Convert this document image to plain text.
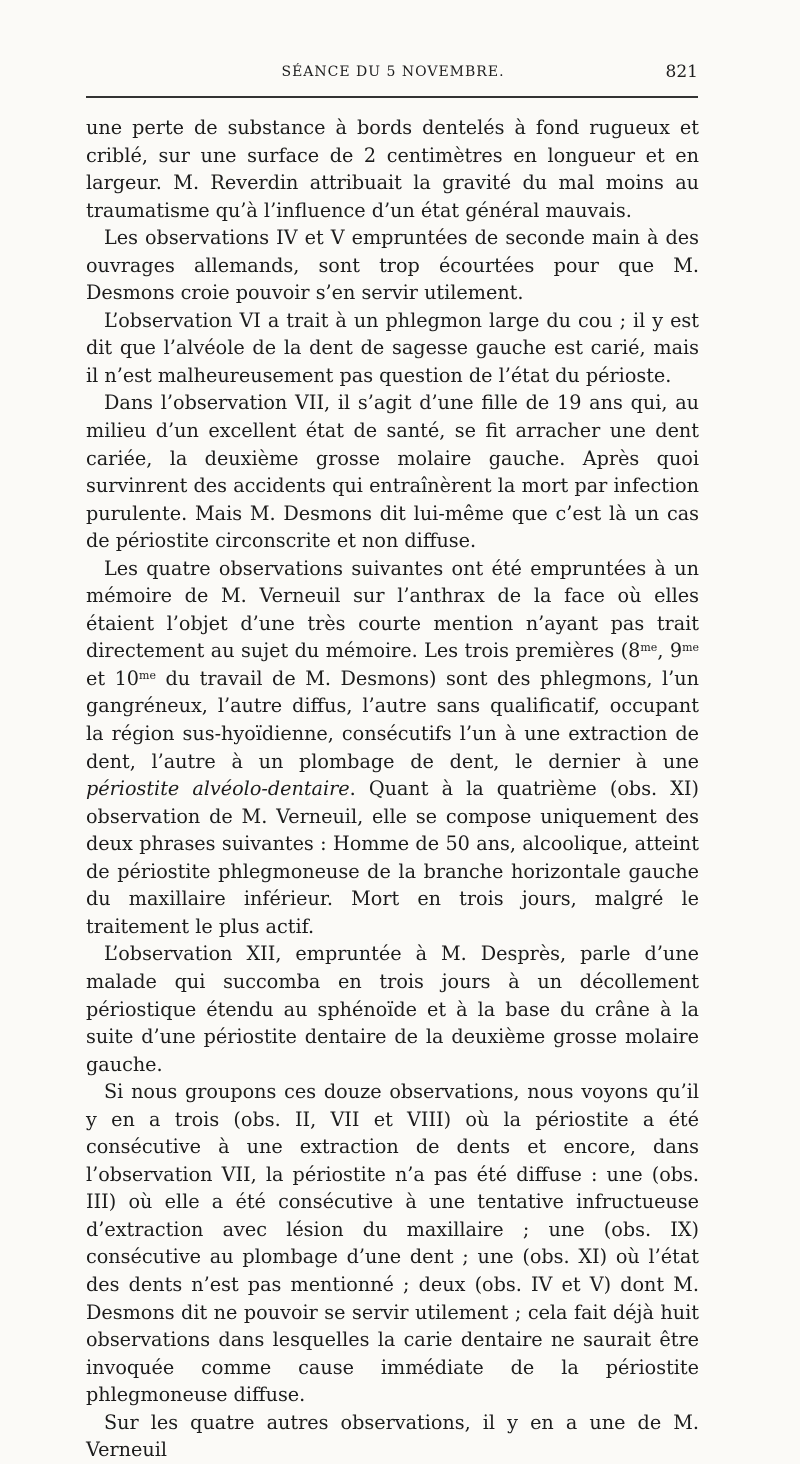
SÉANCE DU 5 NOVEMBRE.	821

une perte de substance à bords dentelés à fond rugueux et criblé, sur une surface de 2 centimètres en longueur et en largeur. M. Reverdin attribuait la gravité du mal moins au traumatisme qu’à l’influence d’un état général mauvais.

Les observations IV et V empruntées de seconde main à des ouvrages allemands, sont trop écourtées pour que M. Desmons croie pouvoir s’en servir utilement.

L’observation VI a trait à un phlegmon large du cou ; il y est dit que l’alvéole de la dent de sagesse gauche est carié, mais il n’est malheureusement pas question de l’état du périoste.

Dans l’observation VII, il s’agit d’une fille de 19 ans qui, au milieu d’un excellent état de santé, se fit arracher une dent cariée, la deuxième grosse molaire gauche. Après quoi survinrent des accidents qui entraînèrent la mort par infection purulente. Mais M. Desmons dit lui-même que c’est là un cas de périostite circonscrite et non diffuse.

Les quatre observations suivantes ont été empruntées à un mémoire de M. Verneuil sur l’anthrax de la face où elles étaient l’objet d’une très courte mention n’ayant pas trait directement au sujet du mémoire. Les trois premières ($8^{me}$, $9^{me}$ et $10^{me}$ du travail de M. Desmons) sont des phlegmons, l’un gangréneux, l’autre diffus, l’autre sans qualificatif, occupant la région sus-hyoïdienne, consécutifs l’un à une extraction de dent, l’autre à un plombage de dent, le dernier à une périostite alvéolo-dentaire. Quant à la quatrième (obs. XI) observation de M. Verneuil, elle se compose uniquement des deux phrases suivantes : Homme de 50 ans, alcoolique, atteint de périostite phlegmoneuse de la branche horizontale gauche du maxillaire inférieur. Mort en trois jours, malgré le traitement le plus actif.

L’observation XII, empruntée à M. Desprès, parle d’une malade qui succomba en trois jours à un décollement périostique étendu au sphénoïde et à la base du crâne à la suite d’une périostite dentaire de la deuxième grosse molaire gauche.

Si nous groupons ces douze observations, nous voyons qu’il y en a trois (obs. II, VII et VIII) où la périostite a été consécutive à une extraction de dents et encore, dans l’observation VII, la périostite n’a pas été diffuse : une (obs. III) où elle a été consécutive à une tentative infructueuse d’extraction avec lésion du maxillaire ; une (obs. IX) consécutive au plombage d’une dent ; une (obs. XI) où l’état des dents n’est pas mentionné ; deux (obs. IV et V) dont M. Desmons dit ne pouvoir se servir utilement ; cela fait déjà huit observations dans lesquelles la carie dentaire ne saurait être invoquée comme cause immédiate de la périostite phlegmoneuse diffuse.

Sur les quatre autres observations, il y en a une de M. Verneuil
